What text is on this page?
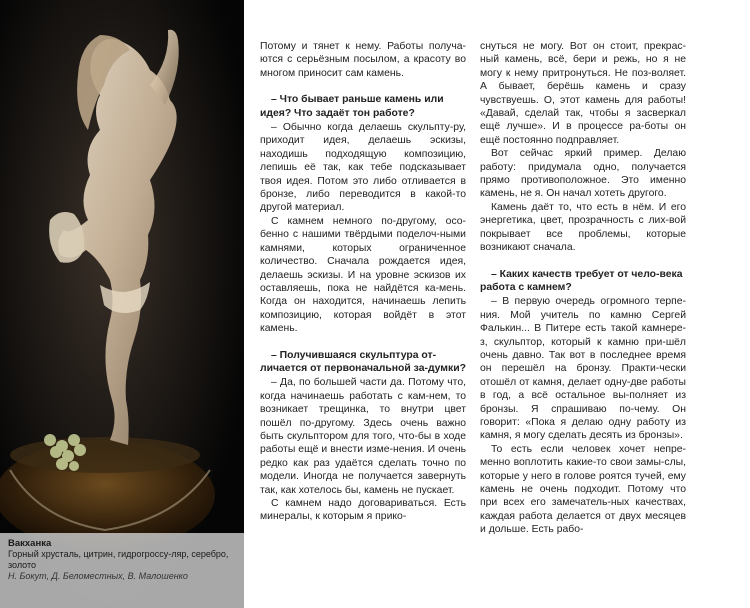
Вакханка
Горный хрусталь, цитрин, гидрогроссу-ляр, серебро, золото
Н. Бокут, Д. Беломестных, В. Малошенко

Потому и тянет к нему. Работы получа-ются с серьёзным посылом, а красоту во многом приносит сам камень.

– Что бывает раньше камень или идея? Что задаёт тон работе?

– Обычно когда делаешь скульпту-ру, приходит идея, делаешь эскизы, находишь подходящую композицию, лепишь её так, как тебе подсказывает твоя идея. Потом это либо отливается в бронзе, либо переводится в какой-то другой материал.

С камнем немного по-другому, осо-бенно с нашими твёрдыми поделоч-ными камнями, которых ограниченное количество. Сначала рождается идея, делаешь эскизы. И на уровне эскизов их оставляешь, пока не найдётся ка-мень. Когда он находится, начинаешь лепить композицию, которая войдёт в этот камень.

– Получившаяся скульптура от-личается от первоначальной за-думки?

– Да, по большей части да. Потому что, когда начинаешь работать с кам-нем, то возникает трещинка, то внутри цвет пошёл по-другому. Здесь очень важно быть скульптором для того, что-бы в ходе работы ещё и внести изме-нения. И очень редко как раз удаётся сделать точно по модели. Иногда не получается завернуть так, как хотелось бы, камень не пускает.

С камнем надо договариваться. Есть минералы, к которым я прико-

снуться не могу. Вот он стоит, прекрас-ный камень, всё, бери и режь, но я не могу к нему притронуться. Не поз-воляет. А бывает, берёшь камень и сразу чувствуешь. О, этот камень для работы! «Давай, сделай так, чтобы я засверкал ещё лучше». И в процессе ра-боты он ещё постоянно подправляет.

Вот сейчас яркий пример. Делаю работу: придумала одно, получается прямо противоположное. Это именно камень, не я. Он начал хотеть другого.

Камень даёт то, что есть в нём. И его энергетика, цвет, прозрачность с лих-вой покрывает все проблемы, которые возникают сначала.

– Каких качеств требует от чело-века работа с камнем?

– В первую очередь огромного терпе-ния. Мой учитель по камню Сергей Фалькин... В Питере есть такой камнере-з, скульптор, который к камню при-шёл очень давно. Так вот в последнее время он перешёл на бронзу. Практи-чески отошёл от камня, делает одну-две работы в год, а всё остальное вы-полняет из бронзы. Я спрашиваю по-чему. Он говорит: «Пока я делаю одну работу из камня, я могу сделать десять из бронзы».

То есть если человек хочет непре-менно воплотить какие-то свои замы-слы, которые у него в голове роятся тучей, ему камень не очень подходит. Потому что при всех его замечатель-ных качествах, каждая работа делается от двух месяцев и дольше. Есть рабо-
